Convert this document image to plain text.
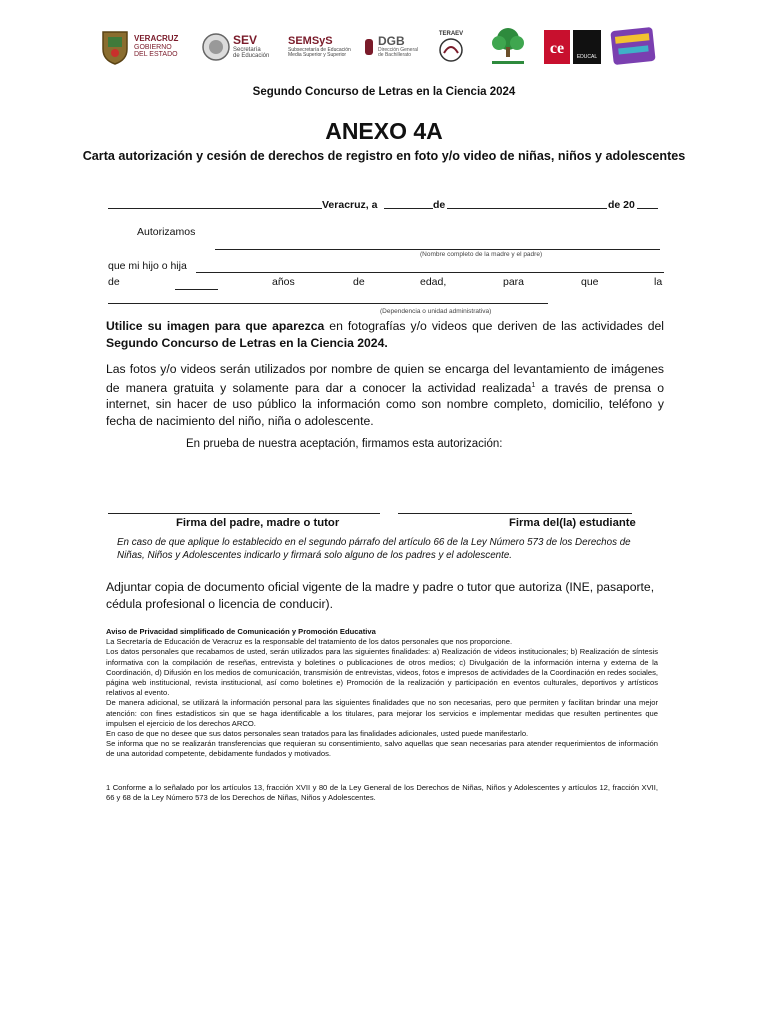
VERACRUZ
GOBIERNO
DEL ESTADO
SEV
Secretaría
de Educación
SEMSyS
Subsecretaría de Educación
Media Superior y Superior
DGB
Dirección General
de Bachillerato
TERAEV
ce	EDUCAL
Segundo Concurso de Letras en la Ciencia 2024
ANEXO 4A
Carta autorización y cesión de derechos de registro en foto y/o video de niñas, niños y adolescentes
Veracruz, a	de	de 20
Autorizamos
(Nombre completo de la madre y el padre)
que mi hijo o hija
de	años	de	edad,	para	que	la
(Dependencia o unidad administrativa)
Utilice su imagen para que aparezca en fotografías y/o videos que deriven de las actividades del Segundo Concurso de Letras en la Ciencia 2024.
Las fotos y/o videos serán utilizados por nombre de quien se encarga del levantamiento de imágenes de manera gratuita y solamente para dar a conocer la actividad realizada$^1$ a través de prensa o internet, sin hacer de uso público la información como son nombre completo, domicilio, teléfono y fecha de nacimiento del niño, niña o adolescente.
En prueba de nuestra aceptación, firmamos esta autorización:
Firma del padre, madre o tutor	Firma del(la) estudiante
En caso de que aplique lo establecido en el segundo párrafo del artículo 66 de la Ley Número 573 de los Derechos de Niñas, Niños y Adolescentes indicarlo y firmará solo alguno de los padres y el adolescente.
Adjuntar copia de documento oficial vigente de la madre y padre o tutor que autoriza (INE, pasaporte, cédula profesional o licencia de conducir).
Aviso de Privacidad simplificado de Comunicación y Promoción Educativa
La Secretaría de Educación de Veracruz es la responsable del tratamiento de los datos personales que nos proporcione.
Los datos personales que recabamos de usted, serán utilizados para las siguientes finalidades: a) Realización de videos institucionales; b) Realización de síntesis informativa con la compilación de reseñas, entrevista y boletines o publicaciones de otros medios; c) Divulgación de la información interna y externa de la Coordinación, d) Difusión en los medios de comunicación, transmisión de entrevistas, videos, fotos e impresos de actividades de la Coordinación en redes sociales, página web institucional, revista institucional, así como boletines e) Promoción de la realización y participación en eventos culturales, deportivos y artísticos relativos al evento.
De manera adicional, se utilizará la información personal para las siguientes finalidades que no son necesarias, pero que permiten y facilitan brindar una mejor atención: con fines estadísticos sin que se haga identificable a los titulares, para mejorar los servicios e implementar medidas que resulten pertinentes que impulsen el ejercicio de los derechos ARCO.
En caso de que no desee que sus datos personales sean tratados para las finalidades adicionales, usted puede manifestarlo.
Se informa que no se realizarán transferencias que requieran su consentimiento, salvo aquellas que sean necesarias para atender requerimientos de información de una autoridad competente, debidamente fundados y motivados.
1 Conforme a lo señalado por los artículos 13, fracción XVII y 80 de la Ley General de los Derechos de Niñas, Niños y Adolescentes y artículos 12, fracción XVII, 66 y 68 de la Ley Número 573 de los Derechos de Niñas, Niños y Adolescentes.
